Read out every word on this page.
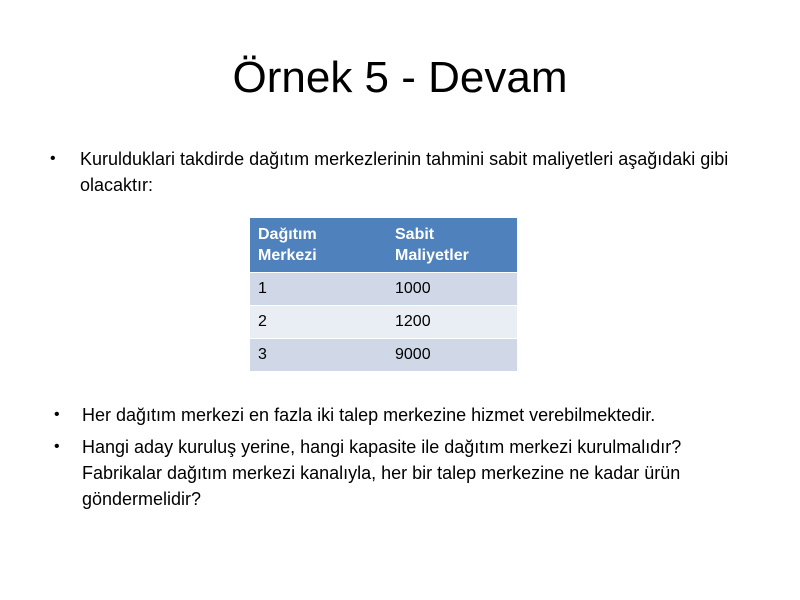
Örnek 5 - Devam
• Kurulduklari takdirde dağıtım merkezlerinin tahmini sabit maliyetleri aşağıdaki gibi olacaktır:
Dağıtım Merkezi	Sabit Maliyetler
1	1000
2	1200
3	9000
• Her dağıtım merkezi en fazla iki talep merkezine hizmet verebilmektedir.
• Hangi aday kuruluş yerine, hangi kapasite ile dağıtım merkezi kurulmalıdır? Fabrikalar dağıtım merkezi kanalıyla, her bir talep merkezine ne kadar ürün göndermelidir?
